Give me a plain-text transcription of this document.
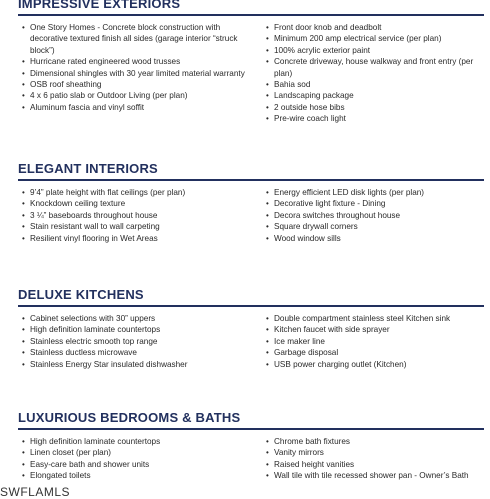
IMPRESSIVE EXTERIORS
• One Story Homes - Concrete block construction with decorative textured finish all sides (garage interior “struck block”)
• Hurricane rated engineered wood trusses
• Dimensional shingles with 30 year limited material warranty
• OSB roof sheathing
• 4 x 6 patio slab or Outdoor Living (per plan)
• Aluminum fascia and vinyl soffit
• Front door knob and deadbolt
• Minimum 200 amp electrical service (per plan)
• 100% acrylic exterior paint
• Concrete driveway, house walkway and front entry (per plan)
• Bahia sod
• Landscaping package
• 2 outside hose bibs
• Pre-wire coach light
ELEGANT INTERIORS
• 9’4” plate height with flat ceilings (per plan)
• Knockdown ceiling texture
• 3 ¼” baseboards throughout house
• Stain resistant wall to wall carpeting
• Resilient vinyl flooring in Wet Areas
• Energy efficient LED disk lights (per plan)
• Decorative light fixture - Dining
• Decora switches throughout house
• Square drywall corners
• Wood window sills
DELUXE KITCHENS
• Cabinet selections with 30” uppers
• High definition laminate countertops
• Stainless electric smooth top range
• Stainless ductless microwave
• Stainless Energy Star insulated dishwasher
• Double compartment stainless steel Kitchen sink
• Kitchen faucet with side sprayer
• Ice maker line
• Garbage disposal
• USB power charging outlet (Kitchen)
LUXURIOUS BEDROOMS & BATHS
• High definition laminate countertops
• Linen closet (per plan)
• Easy-care bath and shower units
• Elongated toilets
• Chrome bath fixtures
• Vanity mirrors
• Raised height vanities
• Wall tile with tile recessed shower pan - Owner’s Bath
SWFLAMLS
